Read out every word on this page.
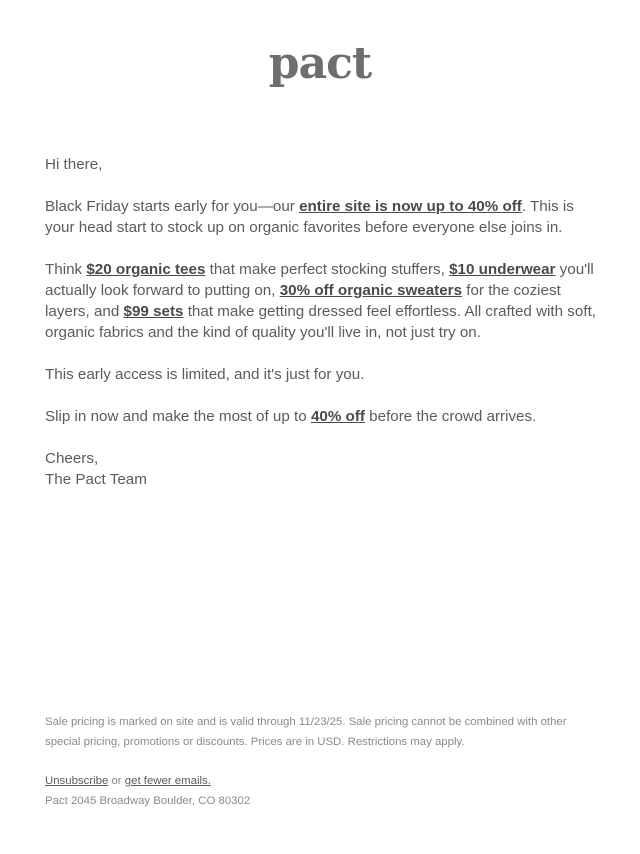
pact

Hi there,

Black Friday starts early for you—our entire site is now up to 40% off. This is your head start to stock up on organic favorites before everyone else joins in.

Think $20 organic tees that make perfect stocking stuffers, $10 underwear you'll actually look forward to putting on, 30% off organic sweaters for the coziest layers, and $99 sets that make getting dressed feel effortless. All crafted with soft, organic fabrics and the kind of quality you'll live in, not just try on.

This early access is limited, and it's just for you.

Slip in now and make the most of up to 40% off before the crowd arrives.

Cheers,

The Pact Team

Sale pricing is marked on site and is valid through 11/23/25. Sale pricing cannot be combined with other special pricing, promotions or discounts. Prices are in USD. Restrictions may apply.

Unsubscribe or get fewer emails.

Pact 2045 Broadway Boulder, CO 80302
